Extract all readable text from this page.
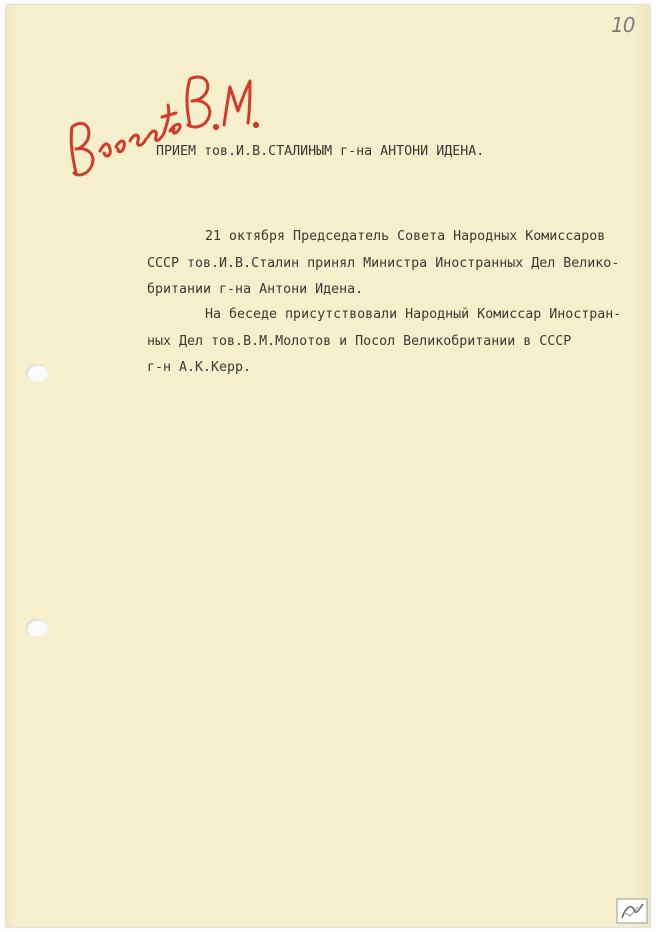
10
ПРИЕМ тов.И.В.СТАЛИНЫМ г-на АНТОНИ ИДЕНА.
21 октября Председатель Совета Народных Комиссаров
СССР тов.И.В.Сталин принял Министра Иностранных Дел Велико-
британии г-на Антони Идена.
На беседе присутствовали Народный Комиссар Иностран-
ных Дел тов.В.М.Молотов и Посол Великобритании в СССР
г-н А.К.Керр.
